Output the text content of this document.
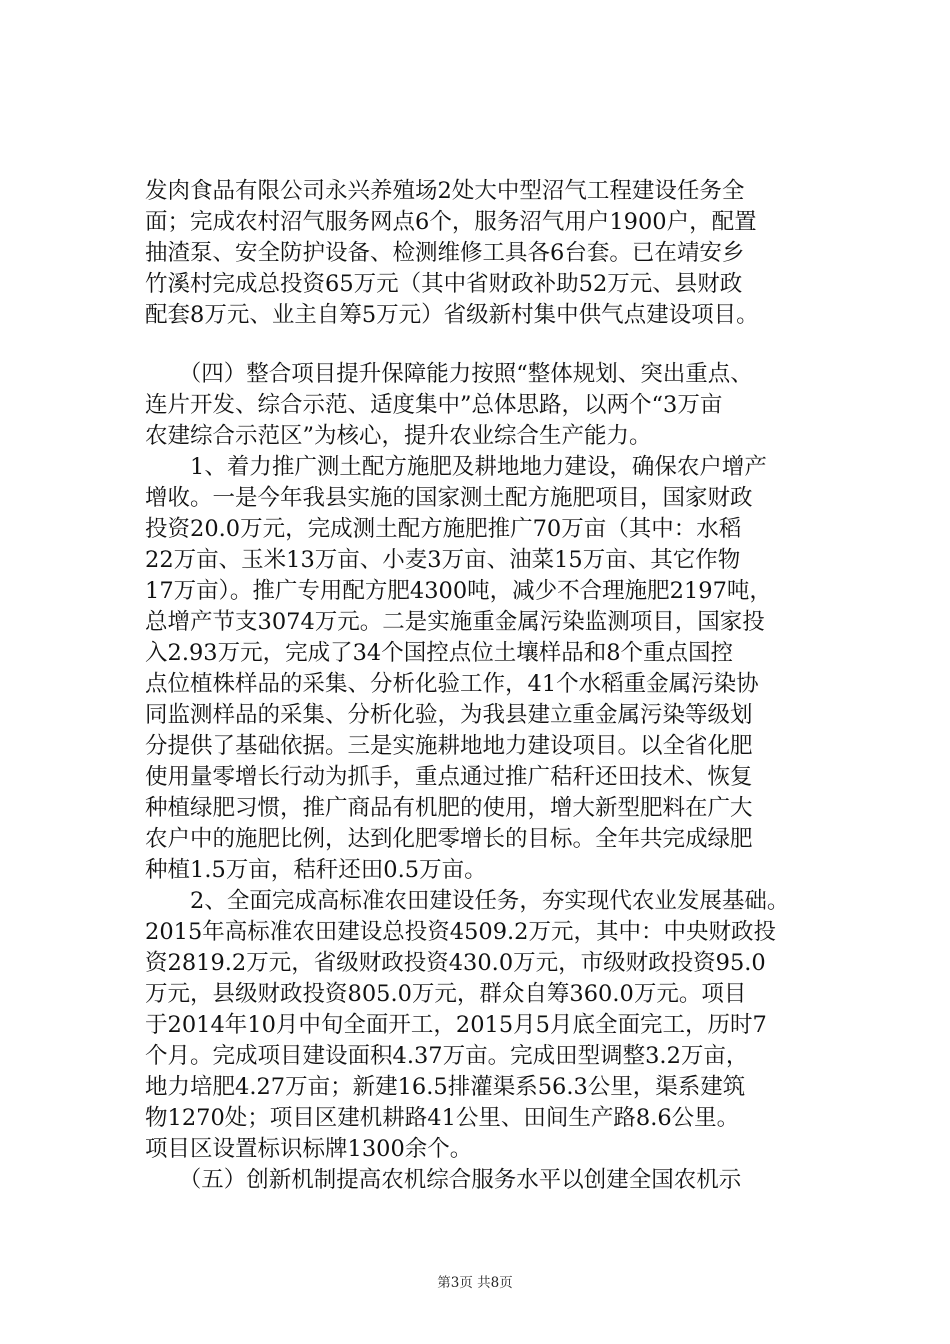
发肉食品有限公司永兴养殖场2处大中型沼气工程建设任务全
面；完成农村沼气服务网点6个，服务沼气用户1900户，配置
抽渣泵、安全防护设备、检测维修工具各6台套。已在靖安乡
竹溪村完成总投资65万元（其中省财政补助52万元、县财政
配套8万元、业主自筹5万元）省级新村集中供气点建设项目。
　　（四）整合项目提升保障能力按照“整体规划、突出重点、
连片开发、综合示范、适度集中”总体思路，以两个“3万亩
农建综合示范区”为核心，提升农业综合生产能力。
　　1、着力推广测土配方施肥及耕地地力建设，确保农户增产
增收。一是今年我县实施的国家测土配方施肥项目，国家财政
投资20.0万元，完成测土配方施肥推广70万亩（其中：水稻
22万亩、玉米13万亩、小麦3万亩、油菜15万亩、其它作物
17万亩）。推广专用配方肥4300吨，减少不合理施肥2197吨，
总增产节支3074万元。二是实施重金属污染监测项目，国家投
入2.93万元，完成了34个国控点位土壤样品和8个重点国控
点位植株样品的采集、分析化验工作，41个水稻重金属污染协
同监测样品的采集、分析化验，为我县建立重金属污染等级划
分提供了基础依据。三是实施耕地地力建设项目。以全省化肥
使用量零增长行动为抓手，重点通过推广秸秆还田技术、恢复
种植绿肥习惯，推广商品有机肥的使用，增大新型肥料在广大
农户中的施肥比例，达到化肥零增长的目标。全年共完成绿肥
种植1.5万亩，秸秆还田0.5万亩。
　　2、全面完成高标准农田建设任务，夯实现代农业发展基础。
2015年高标准农田建设总投资4509.2万元，其中：中央财政投
资2819.2万元，省级财政投资430.0万元，市级财政投资95.0
万元，县级财政投资805.0万元，群众自筹360.0万元。项目
于2014年10月中旬全面开工，2015月5月底全面完工，历时7
个月。完成项目建设面积4.37万亩。完成田型调整3.2万亩，
地力培肥4.27万亩；新建16.5排灌渠系56.3公里，渠系建筑
物1270处；项目区建机耕路41公里、田间生产路8.6公里。
项目区设置标识标牌1300余个。
　　（五）创新机制提高农机综合服务水平以创建全国农机示
第3页 共8页
